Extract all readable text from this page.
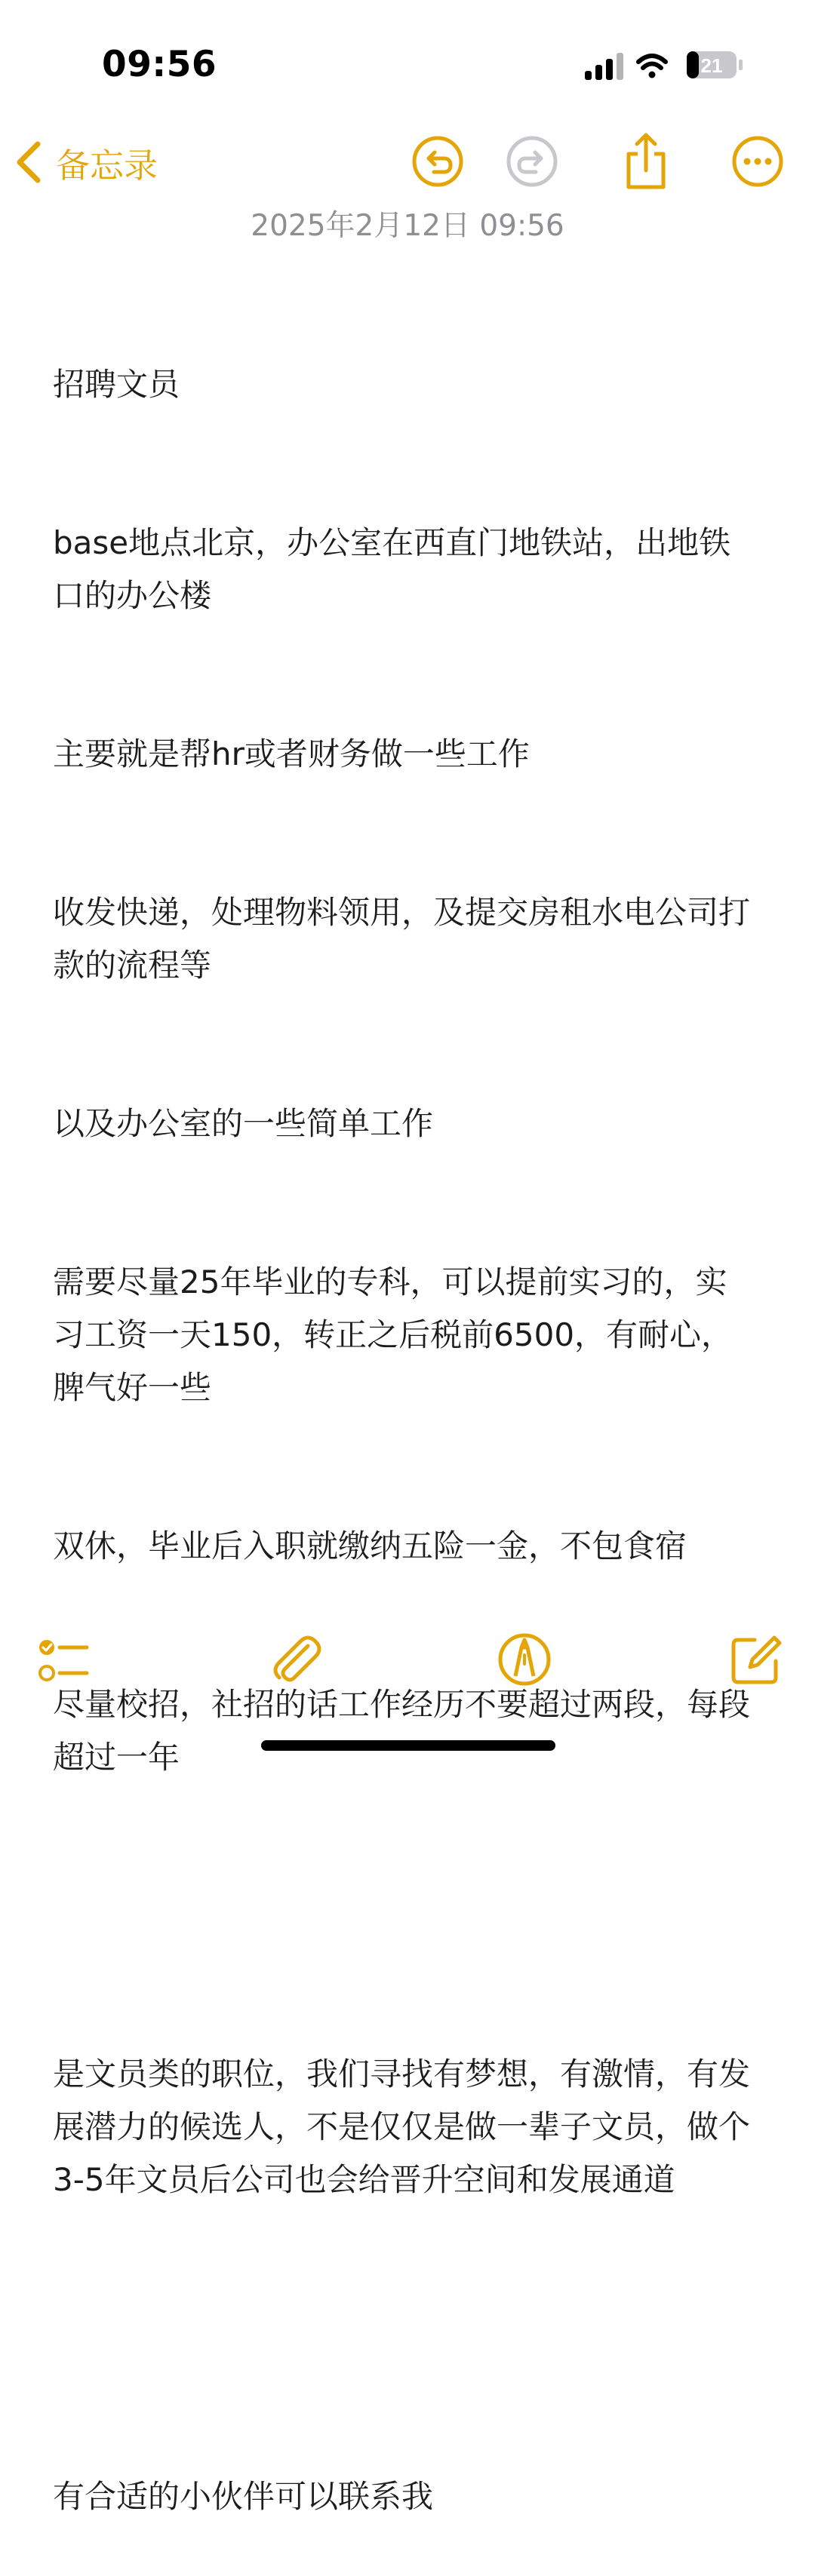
09:56	21
备忘录
2025年2月12日 09:56

招聘文员

base地点北京，办公室在西直门地铁站，出地铁口的办公楼

主要就是帮hr或者财务做一些工作

收发快递，处理物料领用，及提交房租水电公司打款的流程等

以及办公室的一些简单工作

需要尽量25年毕业的专科，可以提前实习的，实习工资一天150，转正之后税前6500，有耐心，脾气好一些

双休，毕业后入职就缴纳五险一金，不包食宿

尽量校招，社招的话工作经历不要超过两段，每段超过一年

是文员类的职位，我们寻找有梦想，有激情，有发展潜力的候选人，不是仅仅是做一辈子文员，做个3-5年文员后公司也会给晋升空间和发展通道

有合适的小伙伴可以联系我
